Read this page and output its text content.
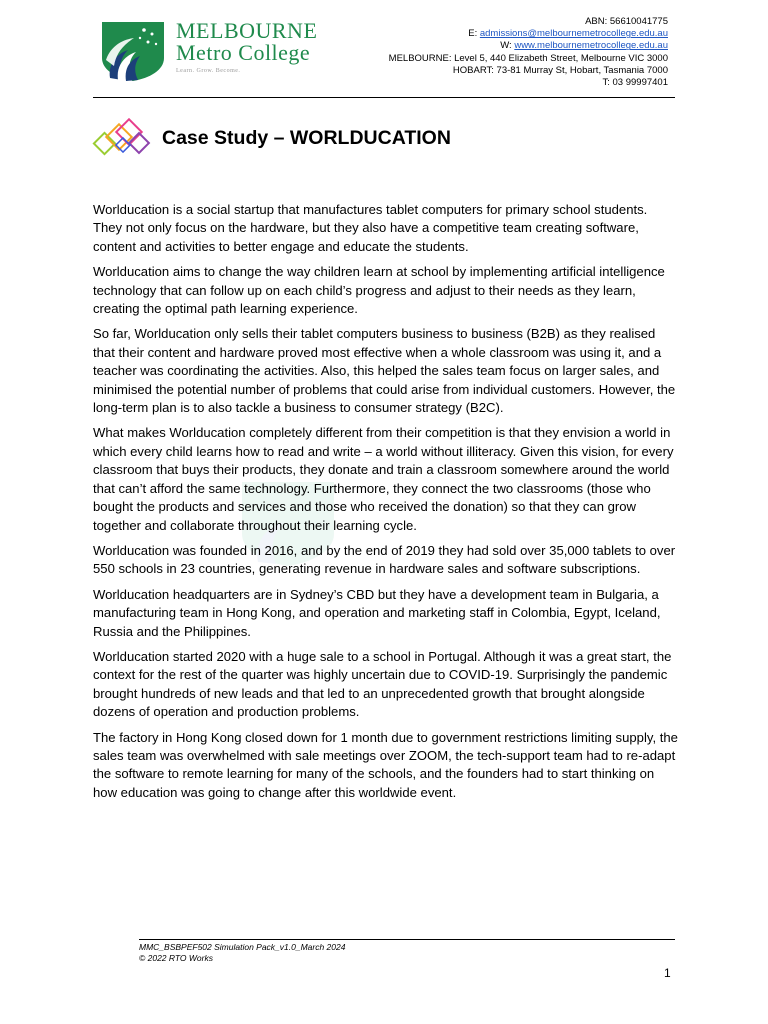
MELBOURNE
Metro College
Learn. Grow. Become.
ABN: 56610041775
E: admissions@melbournemetrocollege.edu.au
W: www.melbournemetrocollege.edu.au
MELBOURNE: Level 5, 440 Elizabeth Street, Melbourne VIC 3000
HOBART: 73-81 Murray St, Hobart, Tasmania 7000
T: 03 99997401
Case Study – WORLDUCATION

Worlducation is a social startup that manufactures tablet computers for primary school students. They not only focus on the hardware, but they also have a competitive team creating software, content and activities to better engage and educate the students.

Worlducation aims to change the way children learn at school by implementing artificial intelligence technology that can follow up on each child’s progress and adjust to their needs as they learn, creating the optimal path learning experience.

So far, Worlducation only sells their tablet computers business to business (B2B) as they realised that their content and hardware proved most effective when a whole classroom was using it, and a teacher was coordinating the activities. Also, this helped the sales team focus on larger sales, and minimised the potential number of problems that could arise from individual customers. However, the long-term plan is to also tackle a business to consumer strategy (B2C).

What makes Worlducation completely different from their competition is that they envision a world in which every child learns how to read and write – a world without illiteracy. Given this vision, for every classroom that buys their products, they donate and train a classroom somewhere around the world that can’t afford the same technology. Furthermore, they connect the two classrooms (those who bought the products and services and those who received the donation) so that they can grow together and collaborate throughout their learning cycle.

Worlducation was founded in 2016, and by the end of 2019 they had sold over 35,000 tablets to over 550 schools in 23 countries, generating revenue in hardware sales and software subscriptions.

Worlducation headquarters are in Sydney’s CBD but they have a development team in Bulgaria, a manufacturing team in Hong Kong, and operation and marketing staff in Colombia, Egypt, Iceland, Russia and the Philippines.

Worlducation started 2020 with a huge sale to a school in Portugal. Although it was a great start, the context for the rest of the quarter was highly uncertain due to COVID-19. Surprisingly the pandemic brought hundreds of new leads and that led to an unprecedented growth that brought alongside dozens of operation and production problems.

The factory in Hong Kong closed down for 1 month due to government restrictions limiting supply, the sales team was overwhelmed with sale meetings over ZOOM, the tech-support team had to re-adapt the software to remote learning for many of the schools, and the founders had to start thinking on how education was going to change after this worldwide event.

MMC_BSBPEF502 Simulation Pack_v1.0_March 2024
© 2022 RTO Works
1
